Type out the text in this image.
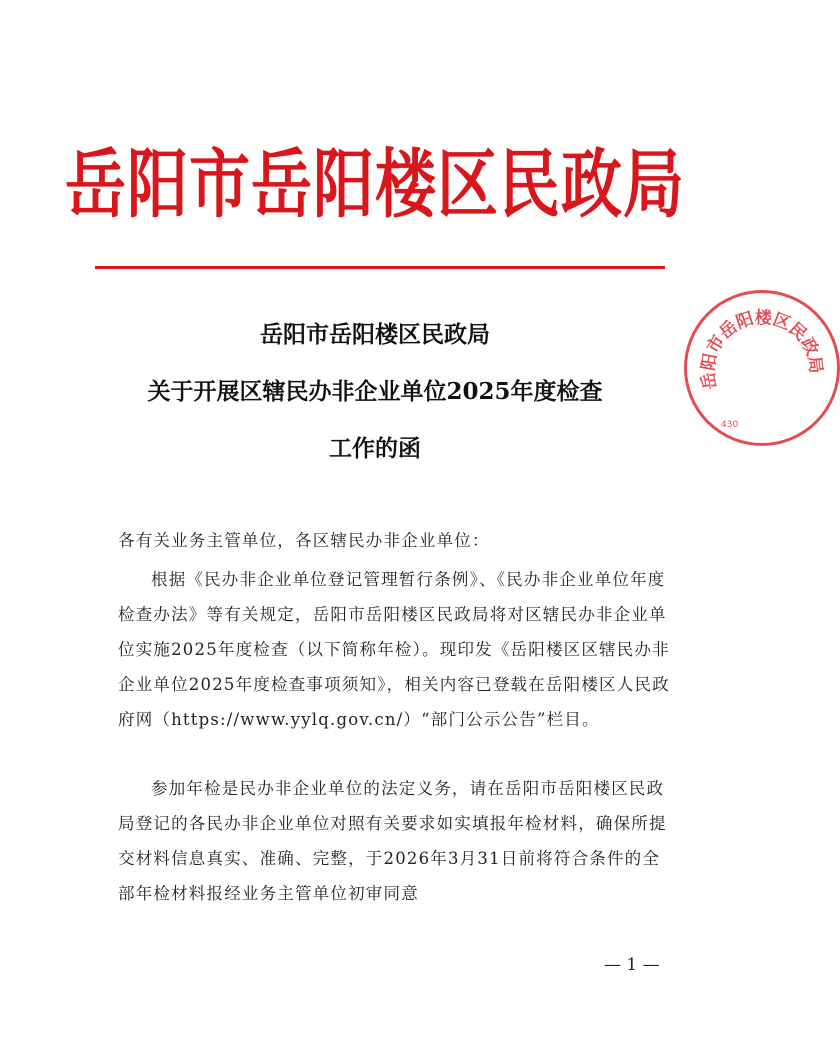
岳阳市岳阳楼区民政局
岳阳市岳阳楼区民政局
430
岳阳市岳阳楼区民政局
关于开展区辖民办非企业单位2025年度检查
工作的函
各有关业务主管单位，各区辖民办非企业单位：
根据《民办非企业单位登记管理暂行条例》、《民办非企业单位年度检查办法》等有关规定，岳阳市岳阳楼区民政局将对区辖民办非企业单位实施2025年度检查（以下简称年检）。现印发《岳阳楼区区辖民办非企业单位2025年度检查事项须知》，相关内容已登载在岳阳楼区人民政府网（https://www.yylq.gov.cn/）“部门公示公告”栏目。
参加年检是民办非企业单位的法定义务，请在岳阳市岳阳楼区民政局登记的各民办非企业单位对照有关要求如实填报年检材料，确保所提交材料信息真实、准确、完整，于2026年3月31日前将符合条件的全部年检材料报经业务主管单位初审同意
— 1 —
